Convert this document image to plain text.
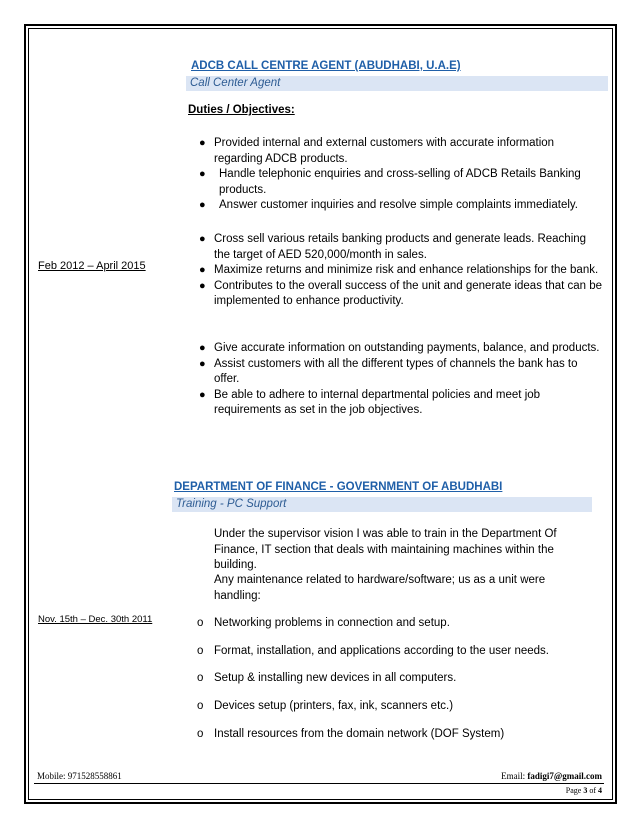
ADCB CALL CENTRE AGENT (ABUDHABI, U.A.E)
Call Center Agent
Duties / Objectives:
● Provided internal and external customers with accurate information regarding ADCB products.
● Handle telephonic enquiries and cross-selling of ADCB Retails Banking products.
● Answer customer inquiries and resolve simple complaints immediately.
Feb 2012 – April 2015
● Cross sell various retails banking products and generate leads. Reaching the target of AED 520,000/month in sales.
● Maximize returns and minimize risk and enhance relationships for the bank.
● Contributes to the overall success of the unit and generate ideas that can be implemented to enhance productivity.
● Give accurate information on outstanding payments, balance, and products.
● Assist customers with all the different types of channels the bank has to offer.
● Be able to adhere to internal departmental policies and meet job requirements as set in the job objectives.
DEPARTMENT OF FINANCE - GOVERNMENT OF ABUDHABI
Training - PC Support
Under the supervisor vision I was able to train in the Department Of Finance, IT section that deals with maintaining machines within the building.
Any maintenance related to hardware/software; us as a unit were handling:
Nov. 15th – Dec. 30th 2011	o Networking problems in connection and setup.
o Format, installation, and applications according to the user needs.
o Setup & installing new devices in all computers.
o Devices setup (printers, fax, ink, scanners etc.)
o Install resources from the domain network (DOF System)
Mobile: 971528558861	Email: fadigi7@gmail.com
Page 3 of 4
